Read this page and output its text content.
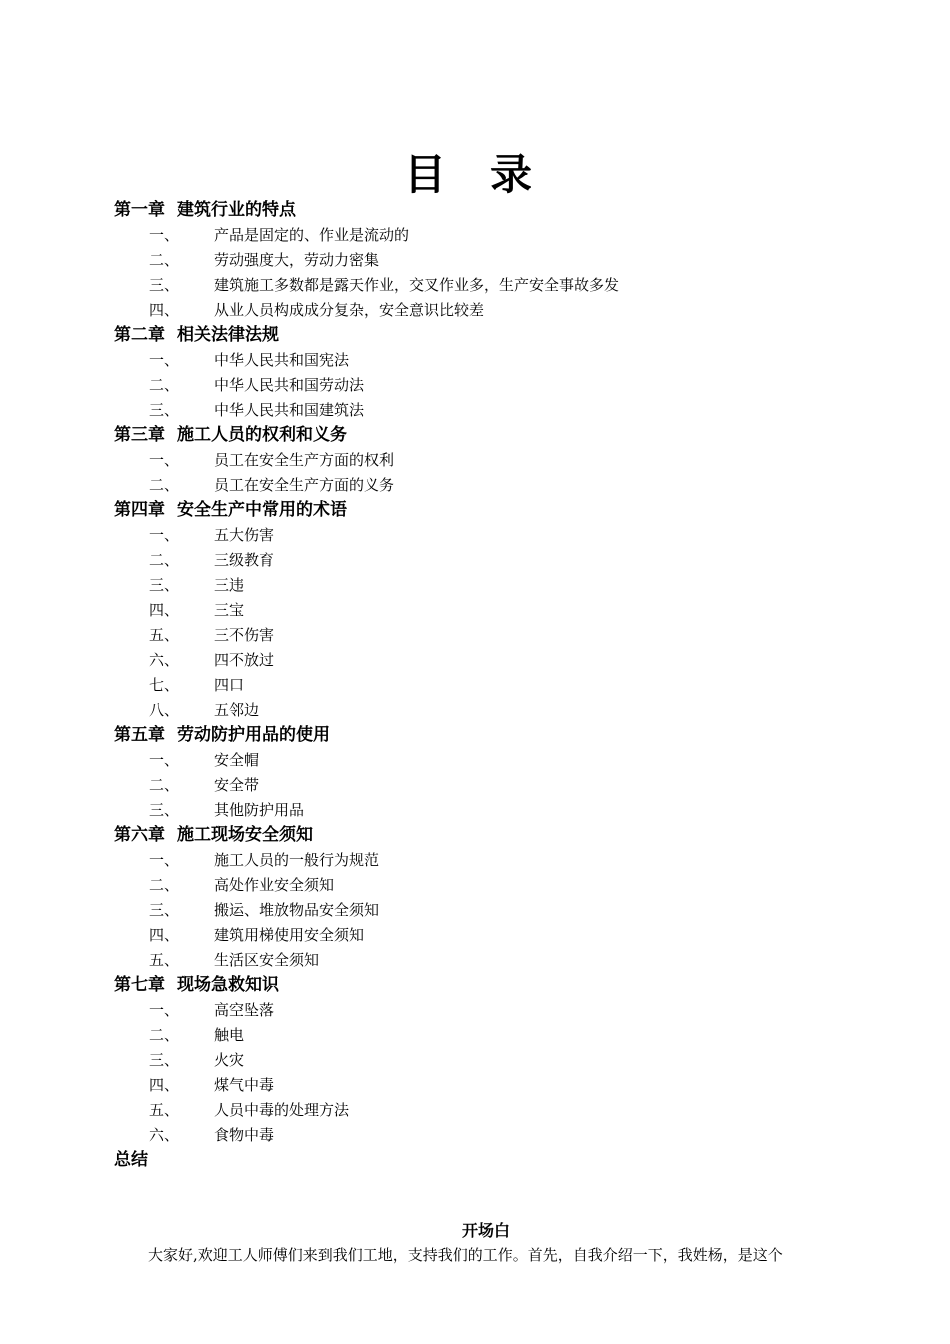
目录
第一章 建筑行业的特点
一、 产品是固定的、作业是流动的
二、 劳动强度大，劳动力密集
三、 建筑施工多数都是露天作业，交叉作业多，生产安全事故多发
四、 从业人员构成成分复杂，安全意识比较差
第二章 相关法律法规
一、 中华人民共和国宪法
二、 中华人民共和国劳动法
三、 中华人民共和国建筑法
第三章 施工人员的权利和义务
一、 员工在安全生产方面的权利
二、 员工在安全生产方面的义务
第四章 安全生产中常用的术语
一、 五大伤害
二、 三级教育
三、 三违
四、 三宝
五、 三不伤害
六、 四不放过
七、 四口
八、 五邻边
第五章 劳动防护用品的使用
一、 安全帽
二、 安全带
三、 其他防护用品
第六章 施工现场安全须知
一、 施工人员的一般行为规范
二、 高处作业安全须知
三、 搬运、堆放物品安全须知
四、 建筑用梯使用安全须知
五、 生活区安全须知
第七章 现场急救知识
一、 高空坠落
二、 触电
三、 火灾
四、 煤气中毒
五、 人员中毒的处理方法
六、 食物中毒
总结
开场白

大家好,欢迎工人师傅们来到我们工地，支持我们的工作。首先，自我介绍一下，我姓杨，是这个
